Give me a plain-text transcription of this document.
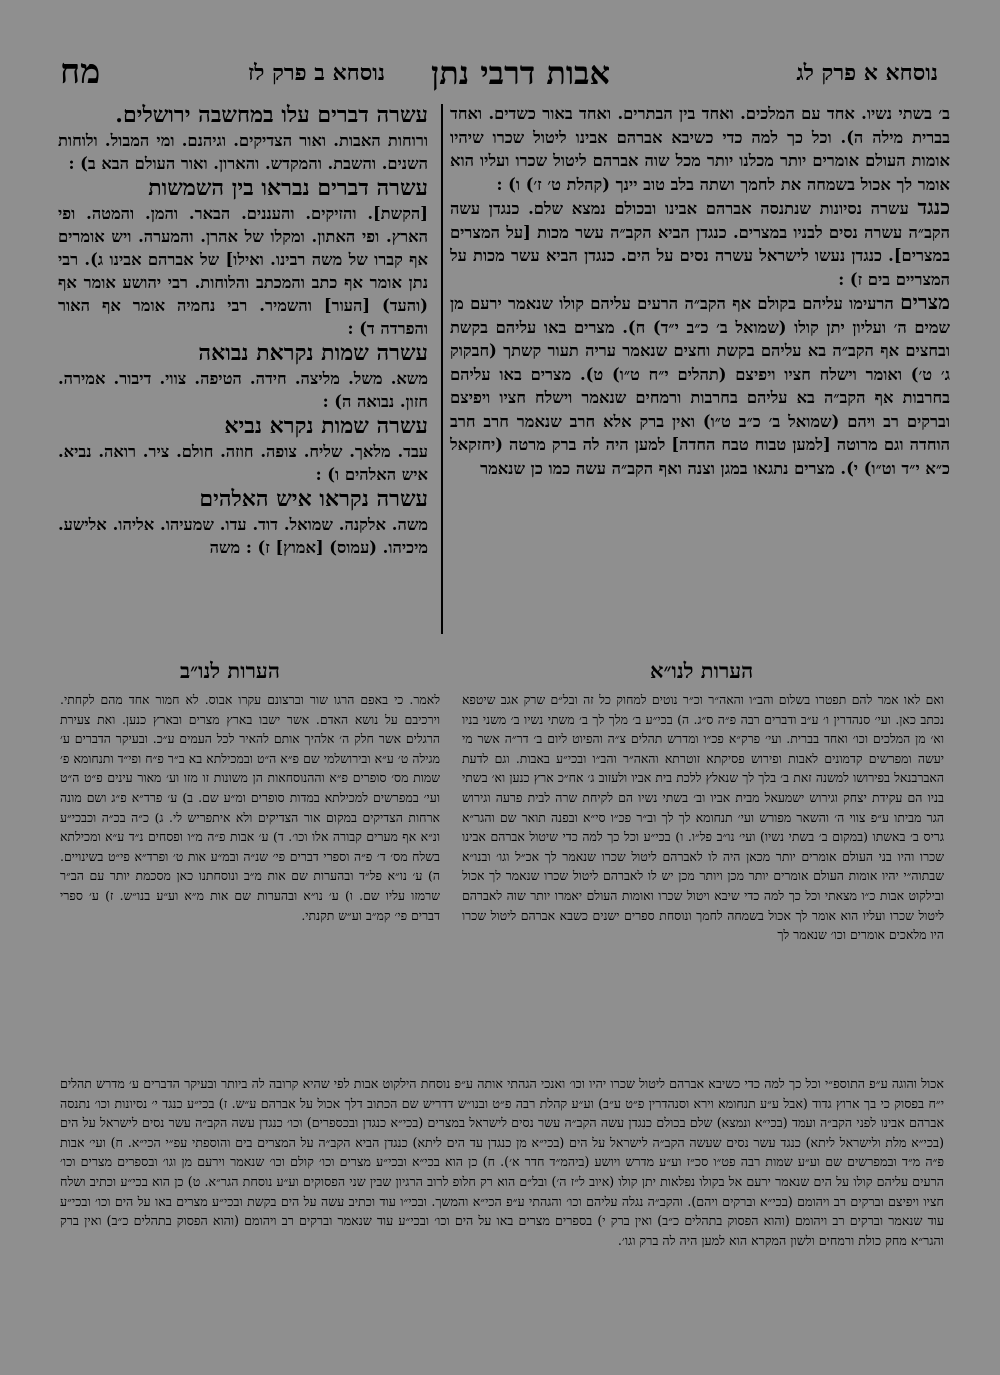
נוסחא א פרק לג
אבות דרבי נתן
נוסחא ב פרק לז
מח

ב׳ בשתי נשיו. אחד עם המלכים. ואחד בין הבתרים. ואחד באור כשדים. ואחד בברית מילה ה). וכל כך למה כדי כשיבא אברהם אבינו ליטול שכרו שיהיו אומות העולם אומרים יותר מכלנו יותר מכל שוה אברהם ליטול שכרו ועליו הוא אומר לך אכול בשמחה את לחמך ושתה בלב טוב יינך (קהלת ט׳ ז׳) ו) :

כנגד עשרה נסיונות שנתנסה אברהם אבינו ובכולם נמצא שלם. כנגדן עשה הקב״ה עשרה נסים לבניו במצרים. כנגדן הביא הקב״ה עשר מכות [על המצרים במצרים]. כנגדן נעשו לישראל עשרה נסים על הים. כנגדן הביא עשר מכות על המצריים בים ז) :

מצרים הרעימו עליהם בקולם אף הקב״ה הרעים עליהם קולו שנאמר ירעם מן שמים ה׳ ועליון יתן קולו (שמואל ב׳ כ״ב י״ד) ח). מצרים באו עליהם בקשת ובחצים אף הקב״ה בא עליהם בקשת וחצים שנאמר עריה תעור קשתך (חבקוק ג׳ ט׳) ואומר וישלח חציו ויפיצם (תהלים י״ח ט״ו) ט). מצרים באו עליהם בחרבות אף הקב״ה בא עליהם בחרבות ורמחים שנאמר וישלח חציו ויפיצם וברקים רב ויהם (שמואל ב׳ כ״ב ט״ו) ואין ברק אלא חרב שנאמר חרב חרב הוחדה וגם מרוטה [למען טבוח טבח החדה] למען היה לה ברק מרטה (יחזקאל כ״א י״ד וט״ו) י). מצרים נתגאו במגן וצנה ואף הקב״ה עשה כמו כן שנאמר

עשרה דברים עלו במחשבה ירושלים.

ורוחות האבות. ואור הצדיקים. וגיהנם. ומי המבול. ולוחות השנים. והשבת. והמקדש. והארון. ואור העולם הבא ב) :

עשרה דברים נבראו בין השמשות

[הקשת]. והזיקים. והעננים. הבאר. והמן. והמטה. ופי הארץ. ופי האתון. ומקלו של אהרן. והמערה. ויש אומרים אף קברו של משה רבינו. ואילו] של אברהם אבינו ג). רבי נתן אומר אף כתב והמכתב והלוחות. רבי יהושע אומר אף (והעד) [העור] והשמיר. רבי נחמיה אומר אף האור והפרדה ד) :

עשרה שמות נקראת נבואה

משא. משל. מליצה. חידה. הטיפה. צווי. דיבור. אמירה. חזון. נבואה ה) :

עשרה שמות נקרא נביא

עבד. מלאך. שליח. צופה. חוזה. חולם. ציר. רואה. נביא. איש האלהים ו) :

עשרה נקראו איש האלהים

משה. אלקנה. שמואל. דוד. עדו. שמעיהו. אליהו. אלישע. מיכיהו. (עמוס) [אמוץ] ז) : משה

הערות לנו״א
הערות לנו״ב
ואם לאו אמר להם תפטרו בשלום והב״ו והאה״ר וכ״ר נוטים למחוק כל זה ובל״ם שרק אגב שיטפא נכתב כאן. ועי׳ סנהדרין ו׳ ע״ב ודברים רבה פ״ה ס״ג. ה) בכי״ע ב׳ מלך לך ב׳ משתי נשיו ב׳ משני בניו וא׳ מן המלכים וכו׳ ואחד בברית. ועי׳ פרק״א פכ״ו ומדרש תהלים צ״ה והפיוט ליום ב׳ דר״ה אשר מי יעשה ומפרשים קדמונים לאבות ופירוש פסיקתא זוטרתא והאה״ר והב״ו ובכי״ע באבות. וגם לדעת האברבנאל בפירושו למשנה זאת ב׳ בלך לך שנאלץ ללכת בית אביו ולעזוב ג׳ אח״כ ארץ כנען וא׳ בשתי בניו הם עקידת יצחק וגירוש ישמעאל מבית אביו וב׳ בשתי נשיו הם לקיחת שרה לבית פרעה וגירוש הגר מביתו ע״פ צווי ה׳ והשאר מפורש ועי׳ תנחומא לך לך וב״ר פכ״ו סי״א ובפנה תואר שם והגר״א גריס ב׳ באשתו (במקום ב׳ בשתי נשיו) ועי׳ נו״ב פל״ו. ו) בכי״ע וכל כך למה כדי שיטול אברהם אבינו שכרו והיו בני העולם אומרים יותר מכאן היה לו לאברהם ליטול שכרו שנאמר לך אכ״ל וגו׳ ובנו״א שבתוה״י יהיו אומות העולם אומרים יותר מכן ויותר מכן יש לו לאברהם ליטול שכרו שנאמר לך אכול ובילקוט אבות כ״ו מצאתי וכל כך למה כדי שיבא ויטול שכרו ואומות העולם יאמרו יותר שוה לאברהם ליטול שכרו ועליו הוא אומר לך אכול בשמחה לחמך ונוסחת ספרים ישנים כשבא אברהם ליטול שכרו היו מלאכים אומרים וכו׳ שנאמר לך
לאמר. כי באפם הרגו שור וברצונם עקרו אבוס. לא חמור אחד מהם לקחתי. וירכיבם על נושא האדם. אשר ישבו בארץ מצרים ובארץ כנען. ואת צעירת הרגלים אשר חלק ה׳ אלהיך אותם להאיר לכל העמים ע״כ. ובעיקר הדברים ע׳ מגילה ט׳ ע״א ובירושלמי שם פ״א ה״ט ובמכילתא בא ב״ר פ״ח ופי״ד ותנחומא פ׳ שמות מס׳ סופרים פ״א וההנוסחאות הן משונות זו מזו וע׳ מאור עינים פ״ט ה״ט ועי׳ במפרשים למכילתא במדות סופרים ומ״ע שם. ב) ע׳ פרד״א פ״ג ושם מונה ארחות הצדיקים במקום אור הצדיקים ולא איתפריש לי. ג) כ״ה בכ״ה וכבכי״ע ונ״א אף מערים קבורה אלו וכו׳. ד) ע׳ אבות פ״ה מ״ו ופסחים נ״ד ע״א ומכילתא בשלח מס׳ ד׳ פ״ה וספרי דברים פי׳ שנ״ה ובמ״ע אות ט׳ ופרד״א פי״ט בשינויים. ה) ע׳ נו״א פל״ד ובהערות שם אות מ״ב ונוסחתנו כאן מסכמת יותר עם הב״ר שרמזו עליו שם. ו) ע׳ נו״א ובהערות שם אות מ״א וע״ע בנו״ש. ז) ע׳ ספרי דברים פי׳ קמ״ב וע״ש תקנתי.
אכול והוגה ע״פ התוספ״י וכל כך למה כדי כשיבא אברהם ליטול שכרו יהיו וכו׳ ואנכי הגהתי אותה ע״פ נוסחת הילקוט אבות לפי שהיא קרובה לה ביותר ובעיקר הדברים ע׳ מדרש תהלים י״ח בפסוק כי בך ארוץ גדוד (אבל ע״ע תנחומא וירא וסנהדרין פ״ט ע״ב) וע״ע קהלת רבה פ״ט ובנו״ש דדריש שם הכתוב דלך אכול על אברהם ע״ש. ז) בכי״ע כנגד י׳ נסיונות וכו׳ נתנסה אברהם אבינו לפני הקב״ה ועמד (בכי״א ונמצא) שלם בכולם כנגדן עשה הקב״ה עשר נסים לישראל במצרים (בכי״א כנגדן ובכספרים) וכו׳ כנגדן עשה הקב״ה עשר נסים לישראל על הים (בכי״א מלת ולישראל ליתא) כנגד עשר נסים שעשה הקב״ה לישראל על הים (בכי״א מן כנגדן עד הים ליתא) כנגדן הביא הקב״ה על המצרים בים והוספתי עפ״י הכי״א. ח) ועי׳ אבות פ״ה מ״ד ובמפרשים שם וע״ע שמות רבה פט״ו סכ״ז וע״ע מדרש ויושע (ביהמ״ד חדר א׳). ח) כן הוא בכי״א ובכי״ע מצרים וכו׳ קולם וכו׳ שנאמר וירעם מן וגו׳ ובספרים מצרים וכו׳ הרעים עליהם קולו על הים שנאמר ירעם אל בקולו נפלאות יתן קולו (איוב ל״ז ה׳) ובל״ם הוא רק חלופ לרוב הרגיון שבין שני הפסוקים וע״ע נוסחת הגר״א. ט) כן הוא בכי״ע וכתיב ושלח חציו ויפיצם וברקים רב ויהומם (בכי״א וברקים ויהם). והקב״ה נגלה עליהם וכו׳ והגהתי ע״פ הכי״א והמשך. ובכי״ו עוד וכתיב עשה על הים בקשת ובכי״ע מצרים באו על הים וכו׳ ובכי״ע עוד שנאמר וברקים רב ויהומם (והוא הפסוק בתהלים כ״ב) ואין ברק י) בספרים מצרים באו על הים וכו׳ ובכי״ע עוד שנאמר וברקים רב ויהומם (והוא הפסוק בתהלים כ״ב) ואין ברק והגר״א מחק כולת ורמחים ולשון המקרא הוא למען היה לה ברק וגו׳.
